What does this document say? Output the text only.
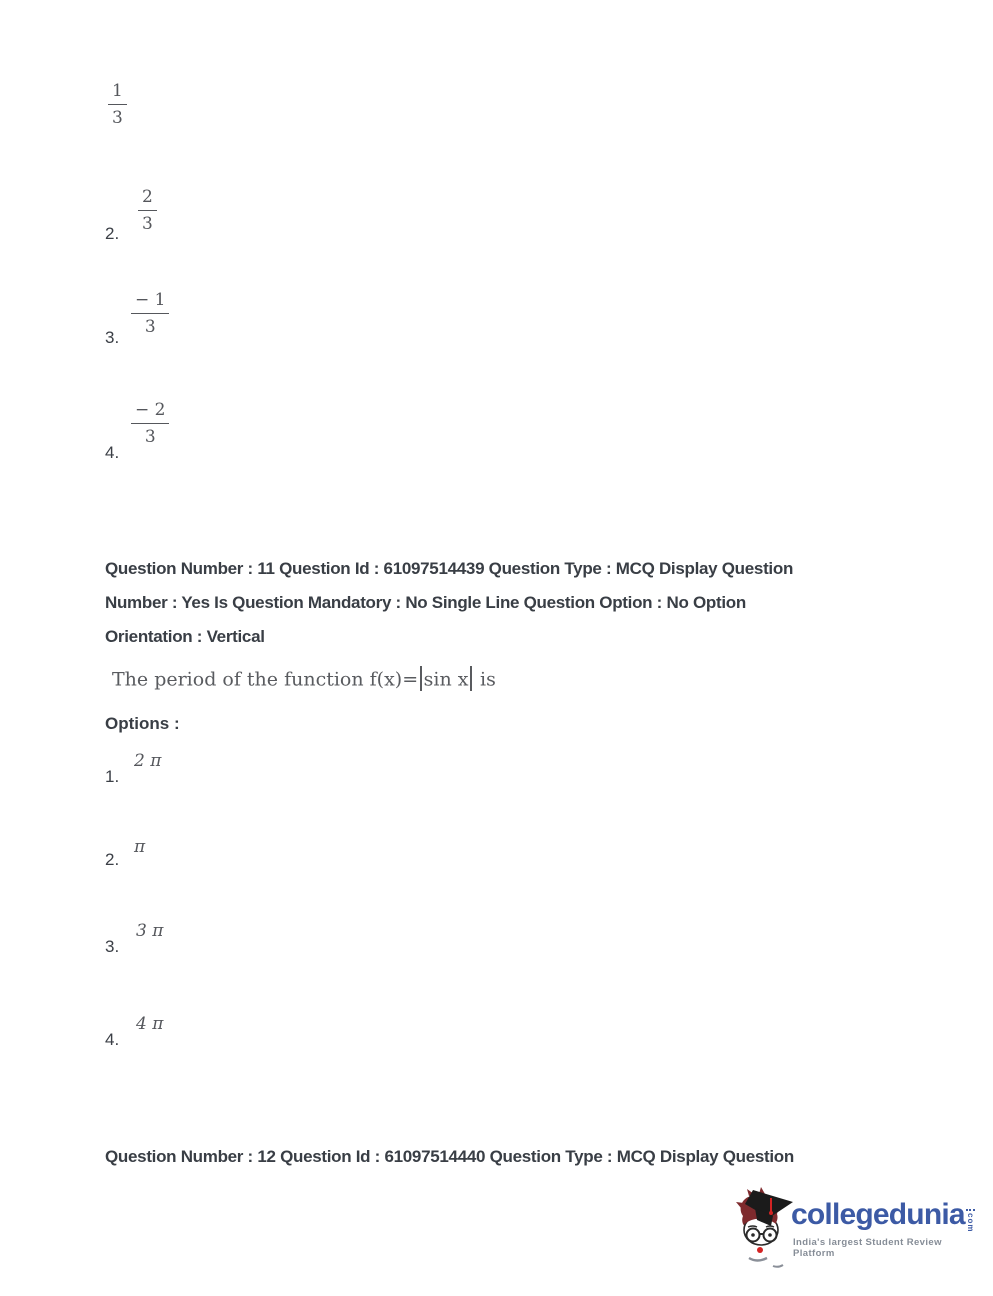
$\frac{1}{3}$
2. $\frac{2}{3}$
3. $\frac{- 1}{3}$
4.
$\frac{- 2}{3}$
Question Number : 11 Question Id : 61097514439 Question Type : MCQ Display Question
Number : Yes Is Question Mandatory : No Single Line Question Option : No Option
Orientation : Vertical
The period of the function f(x)= sin x is
Options :
1.
2 π
2.
π
3.
3 π
4.
4 π
Question Number : 12 Question Id : 61097514440 Question Type : MCQ Display Question
collegedunia com
India's largest Student Review Platform
